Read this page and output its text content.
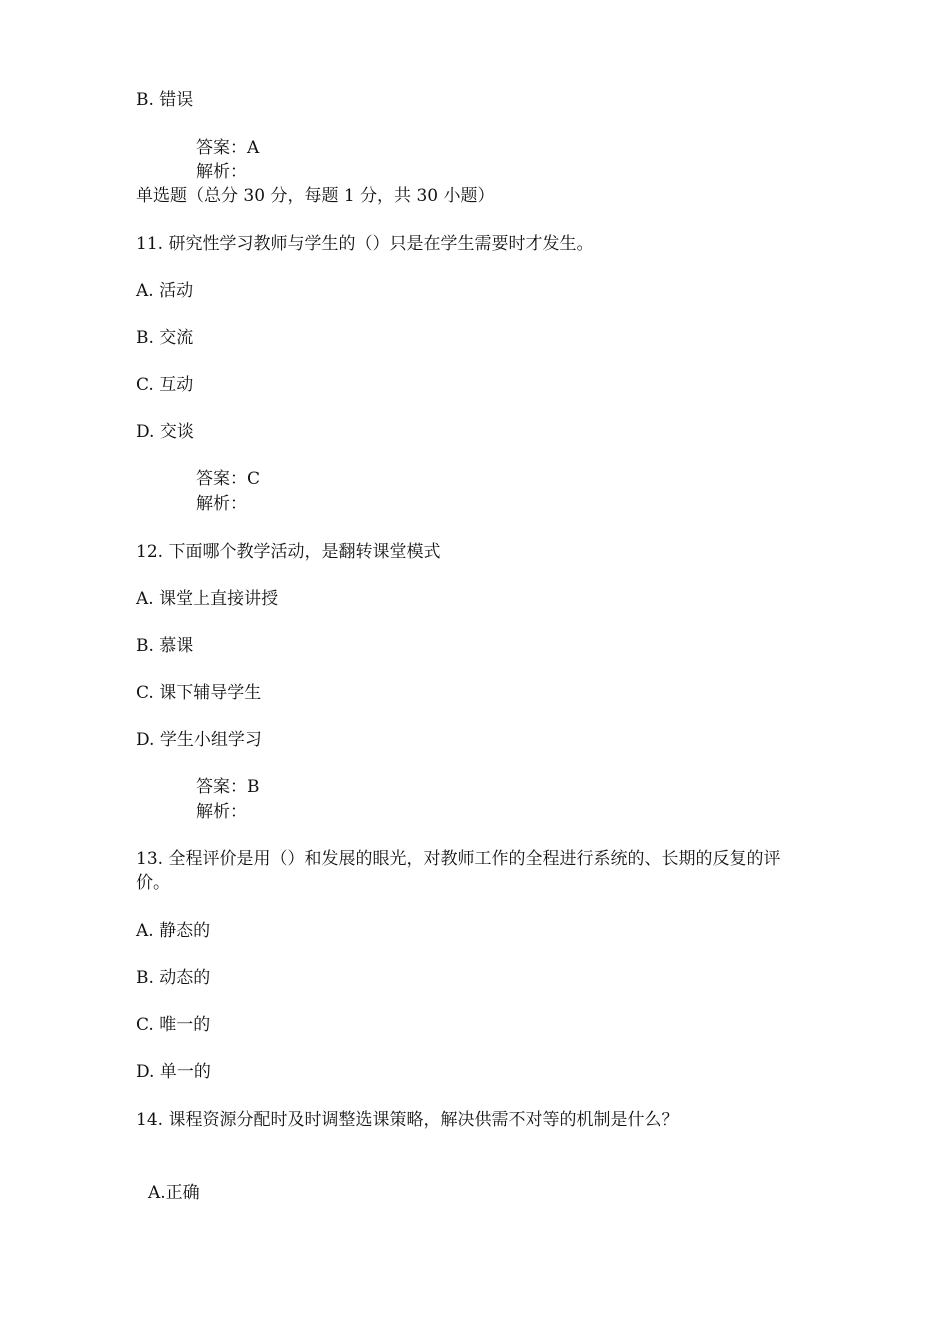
B. 错误
答案：A
解析：
单选题（总分 30 分，每题 1 分，共 30 小题）
11. 研究性学习教师与学生的（）只是在学生需要时才发生。
A. 活动
B. 交流
C. 互动
D. 交谈
答案：C
解析：
12. 下面哪个教学活动，是翻转课堂模式
A. 课堂上直接讲授
B. 慕课
C. 课下辅导学生
D. 学生小组学习
答案：B
解析：
13. 全程评价是用（）和发展的眼光，对教师工作的全程进行系统的、长期的反复的评价。
A. 静态的
B. 动态的
C. 唯一的
D. 单一的
14. 课程资源分配时及时调整选课策略，解决供需不对等的机制是什么？
A.正确
